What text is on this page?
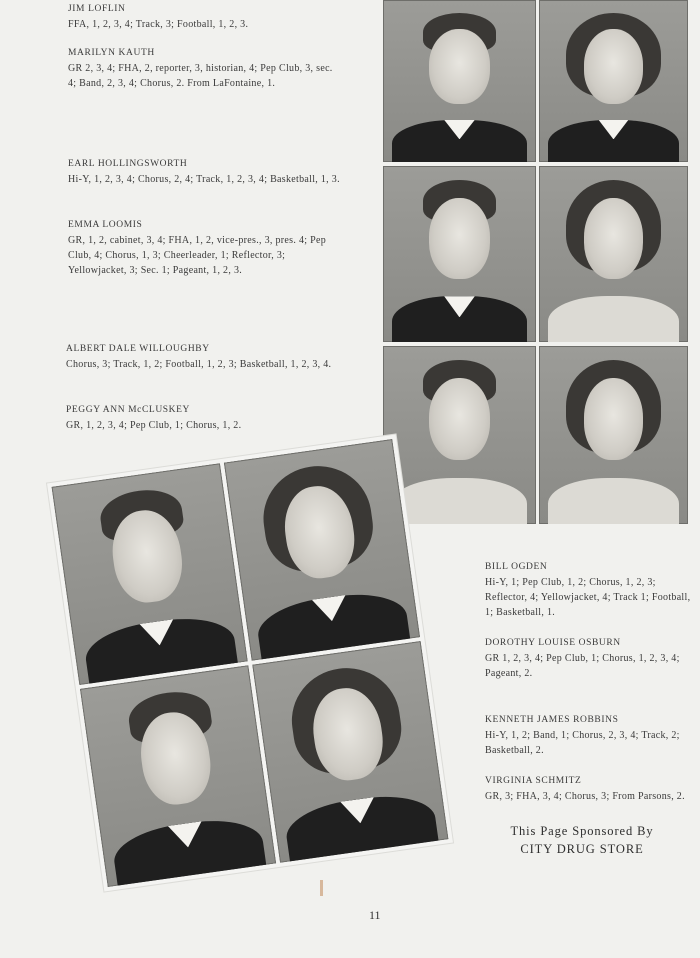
JIM LOFLIN
FFA, 1, 2, 3, 4; Track, 3; Football, 1, 2, 3.
MARILYN KAUTH
GR 2, 3, 4; FHA, 2, reporter, 3, historian, 4; Pep Club, 3, sec. 4; Band, 2, 3, 4; Chorus, 2. From LaFontaine, 1.
EARL HOLLINGSWORTH
Hi-Y, 1, 2, 3, 4; Chorus, 2, 4; Track, 1, 2, 3, 4; Basketball, 1, 3.
EMMA LOOMIS
GR, 1, 2, cabinet, 3, 4; FHA, 1, 2, vice-pres., 3, pres. 4; Pep Club, 4; Chorus, 1, 3; Cheerleader, 1; Reflector, 3; Yellowjacket, 3; Sec. 1; Pageant, 1, 2, 3.
ALBERT DALE WILLOUGHBY
Chorus, 3; Track, 1, 2; Football, 1, 2, 3; Basketball, 1, 2, 3, 4.
PEGGY ANN McCLUSKEY
GR, 1, 2, 3, 4; Pep Club, 1; Chorus, 1, 2.
BILL OGDEN
Hi-Y, 1; Pep Club, 1, 2; Chorus, 1, 2, 3; Reflector, 4; Yellowjacket, 4; Track 1; Football, 1; Basketball, 1.
DOROTHY LOUISE OSBURN
GR 1, 2, 3, 4; Pep Club, 1; Chorus, 1, 2, 3, 4; Pageant, 2.
KENNETH JAMES ROBBINS
Hi-Y, 1, 2; Band, 1; Chorus, 2, 3, 4; Track, 2; Basketball, 2.
VIRGINIA SCHMITZ
GR, 3; FHA, 3, 4; Chorus, 3; From Parsons, 2.
This Page Sponsored By
CITY DRUG STORE
11
